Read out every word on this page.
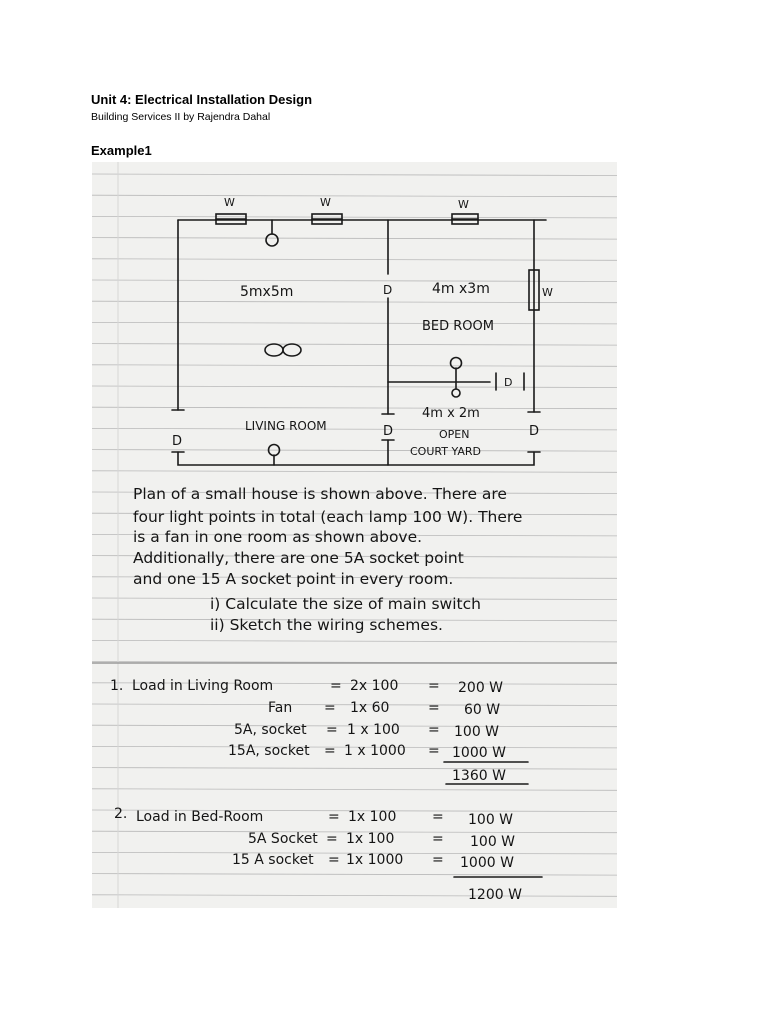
Unit 4: Electrical Installation Design
Building Services II by Rajendra Dahal
Example1
W	W	W
W
D
D
D
D	D
5mx5m
LIVING ROOM
4m x3m
BED ROOM
4m x 2m
OPEN
COURT YARD
Plan of a small house is shown above. There are
four light points in total (each lamp 100 W). There
is a fan in one room as shown above.
Additionally, there are one 5A socket point
and one 15 A socket point in every room.
i) Calculate the size of main switch
ii) Sketch the wiring schemes.
1. Load in Living Room	= 2x 100 = 200 W
Fan = 1x 60	= 60 W
5A, socket = 1 x 100 = 100 W
15A, socket = 1 x 1000 = 1000 W
1360 W
2. Load in Bed-Room	= 1x 100	= 100 W
5A Socket = 1x 100	= 100 W
15 A socket = 1x 1000 = 1000 W
1200 W
